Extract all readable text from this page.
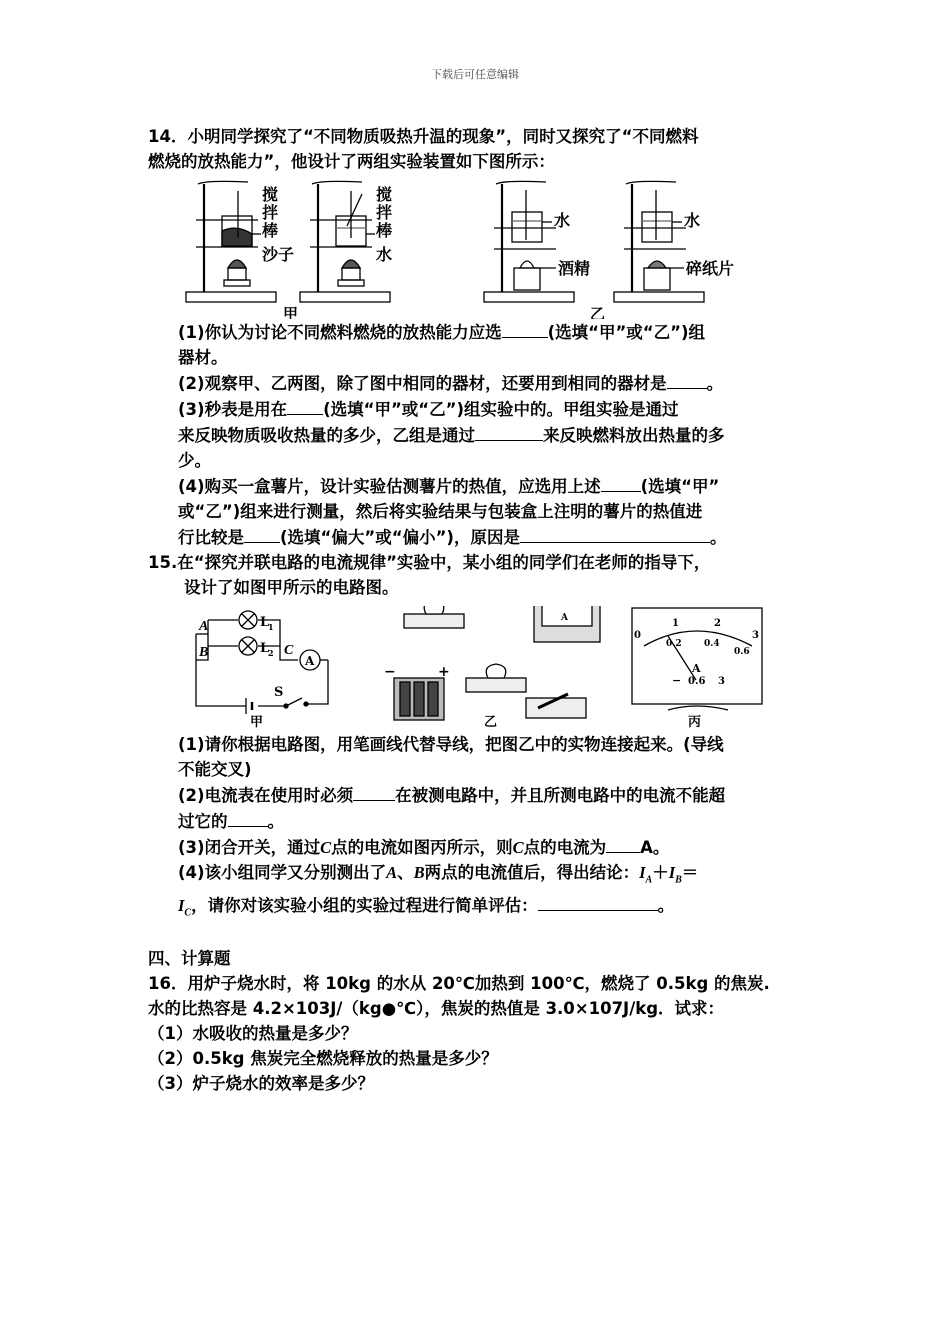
下载后可任意编辑
14．小明同学探究了“不同物质吸热升温的现象”，同时又探究了“不同燃料
燃烧的放热能力”，他设计了两组实验装置如下图所示：
搅
拌
棒
沙子
搅
拌
棒
水
水
酒精
水
碎纸片
甲	乙
(1)你认为讨论不同燃料燃烧的放热能力应选	(选填“甲”或“乙”)组
器材。
(2)观察甲、乙两图，除了图中相同的器材，还要用到相同的器材是 。
(3)秒表是用在 (选填“甲”或“乙”)组实验中的。甲组实验是通过
来反映物质吸收热量的多少，乙组是通过	来反映燃料放出热量的多
少。
(4)购买一盒薯片，设计实验估测薯片的热值，应选用上述 (选填“甲”
或“乙”)组来进行测量，然后将实验结果与包装盒上注明的薯片的热值进
行比较是 (选填“偏大”或“偏小”)，原因是	。
15.在“探究并联电路的电流规律”实验中，某小组的同学们在老师的指导下，
设计了如图甲所示的电路图。
A
A
B	C
L
1
L
2
A
S
甲
−	+
乙
0
1	2
3
0.2 0.4
0.6
A
− 0.6 3
丙
(1)请你根据电路图，用笔画线代替导线，把图乙中的实物连接起来。(导线
不能交叉)
(2)电流表在使用时必须	在被测电路中，并且所测电路中的电流不能超
过它的 。
(3)闭合开关，通过C点的电流如图丙所示，则C点的电流为 A。
(4)该小组同学又分别测出了A、B两点的电流值后，得出结论：$I_A+I_B=$
$I_C$，请你对该实验小组的实验过程进行简单评估：	。
四、计算题
16．用炉子烧水时，将 10kg 的水从 20℃加热到 100℃，燃烧了 0.5kg 的焦炭.
水的比热容是 4.2×103J/（kg●℃），焦炭的热值是 3.0×107J/kg．试求：
（1）水吸收的热量是多少？
（2）0.5kg 焦炭完全燃烧释放的热量是多少？
（3）炉子烧水的效率是多少？
